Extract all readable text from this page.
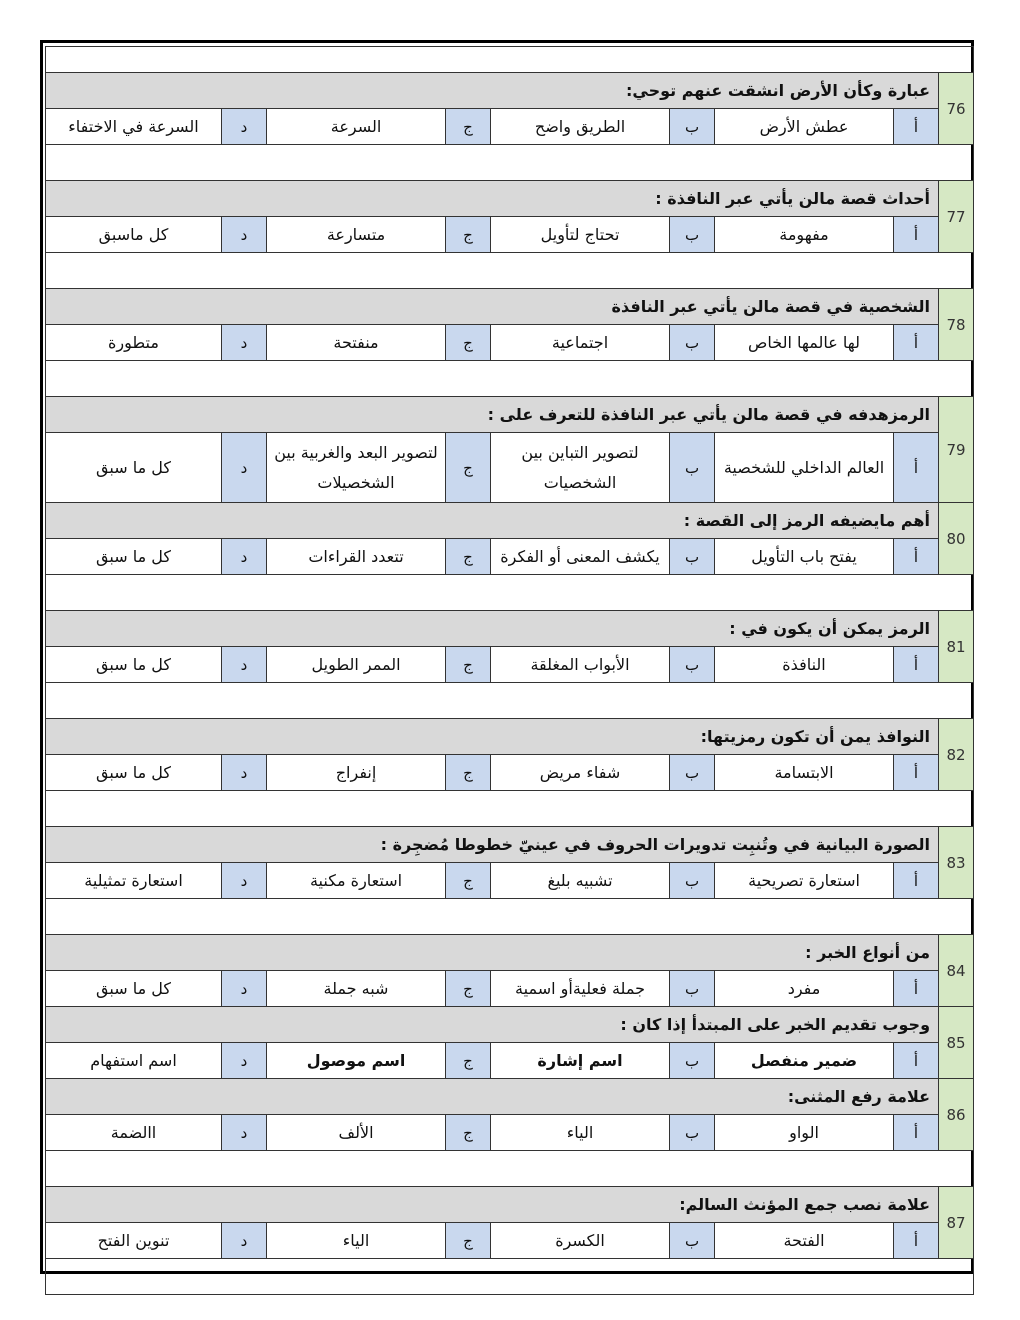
76	عبارة وكأن الأرض انشقت عنهم توحي:							
	أ	عطش الأرض	ب	الطريق واضح	ج	السرعة	د	السرعة في الاختفاء

77	أحداث قصة مالن يأتي عبر النافذة :							
	أ	مفهومة	ب	تحتاج لتأويل	ج	متسارعة	د	كل ماسبق

78	الشخصية في قصة مالن يأتي عبر النافذة							
	أ	لها عالمها الخاص	ب	اجتماعية	ج	منفتحة	د	متطورة

79	الرمزهدفه في قصة مالن يأتي عبر النافذة للتعرف على :							
	أ	العالم الداخلي للشخصية	ب	لتصوير التباين بين الشخصيات	ج	لتصوير البعد والغربية بين الشخصيلات	د	كل ما سبق
80	أهم مايضيفه الرمز إلى القصة :							
	أ	يفتح باب التأويل	ب	يكشف المعنى أو الفكرة	ج	تتعدد القراءات	د	كل ما سبق

81	الرمز يمكن أن يكون في :							
	أ	النافذة	ب	الأبواب المغلقة	ج	الممر الطويل	د	كل ما سبق

82	النوافذ يمن أن تكون رمزيتها:							
	أ	الابتسامة	ب	شفاء مريض	ج	إنفراج	د	كل ما سبق

83	الصورة البيانية في وتُنبِت تدويرات الحروف في عينيّ خطوطا مُضجِرة :							
	أ	استعارة تصريحية	ب	تشبيه بليغ	ج	استعارة مكنية	د	استعارة تمثيلية

84	من أنواع الخبر :							
	أ	مفرد	ب	جملة فعليةأو اسمية	ج	شبه جملة	د	كل ما سبق
85	وجوب تقديم الخبر على المبتدأ إذا كان :							
	أ	ضمير منفصل	ب	اسم إشارة	ج	اسم موصول	د	اسم استفهام
86	علامة رفع المثنى:							
	أ	الواو	ب	الياء	ج	الألف	د	االضمة

87	علامة نصب جمع المؤنث السالم:							
	أ	الفتحة	ب	الكسرة	ج	الياء	د	تنوين الفتح
